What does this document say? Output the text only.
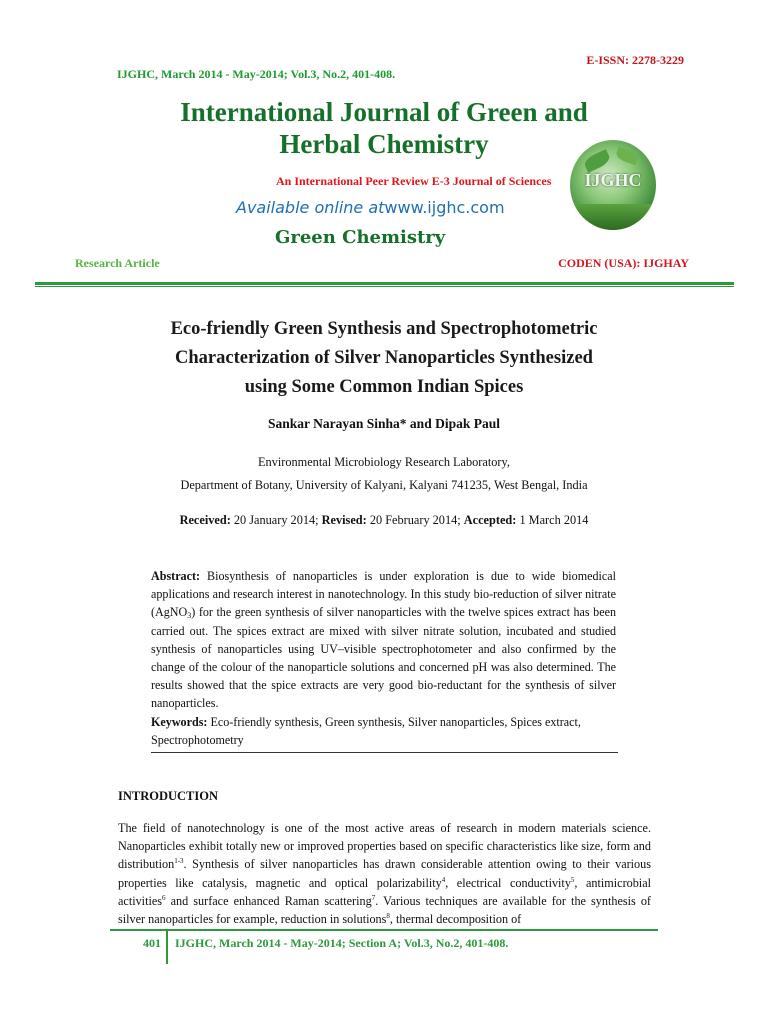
E-ISSN: 2278-3229
IJGHC, March 2014 - May-2014; Vol.3, No.2, 401-408.
International Journal of Green and
Herbal Chemistry
IJGHC
An International Peer Review E-3 Journal of Sciences
Available online atwww.ijghc.com
Green Chemistry
Research Article	CODEN (USA): IJGHAY
Eco-friendly Green Synthesis and Spectrophotometric
Characterization of Silver Nanoparticles Synthesized
using Some Common Indian Spices
Sankar Narayan Sinha* and Dipak Paul
Environmental Microbiology Research Laboratory,
Department of Botany, University of Kalyani, Kalyani 741235, West Bengal, India
Received: 20 January 2014; Revised: 20 February 2014; Accepted: 1 March 2014
Abstract: Biosynthesis of nanoparticles is under exploration is due to wide biomedical applications and research interest in nanotechnology. In this study bio-reduction of silver nitrate (AgNO$_3$) for the green synthesis of silver nanoparticles with the twelve spices extract has been carried out. The spices extract are mixed with silver nitrate solution, incubated and studied synthesis of nanoparticles using UV–visible spectrophotometer and also confirmed by the change of the colour of the nanoparticle solutions and concerned pH was also determined. The results showed that the spice extracts are very good bio-reductant for the synthesis of silver nanoparticles.
Keywords: Eco-friendly synthesis, Green synthesis, Silver nanoparticles, Spices extract, Spectrophotometry
INTRODUCTION
The field of nanotechnology is one of the most active areas of research in modern materials science. Nanoparticles exhibit totally new or improved properties based on specific characteristics like size, form and distribution$^{1-3}$. Synthesis of silver nanoparticles has drawn considerable attention owing to their various properties like catalysis, magnetic and optical polarizability$^4$, electrical conductivity$^5$, antimicrobial activities$^6$ and surface enhanced Raman scattering$^7$. Various techniques are available for the synthesis of silver nanoparticles for example, reduction in solutions$^8$, thermal decomposition of
401 IJGHC, March 2014 - May-2014; Section A; Vol.3, No.2, 401-408.
